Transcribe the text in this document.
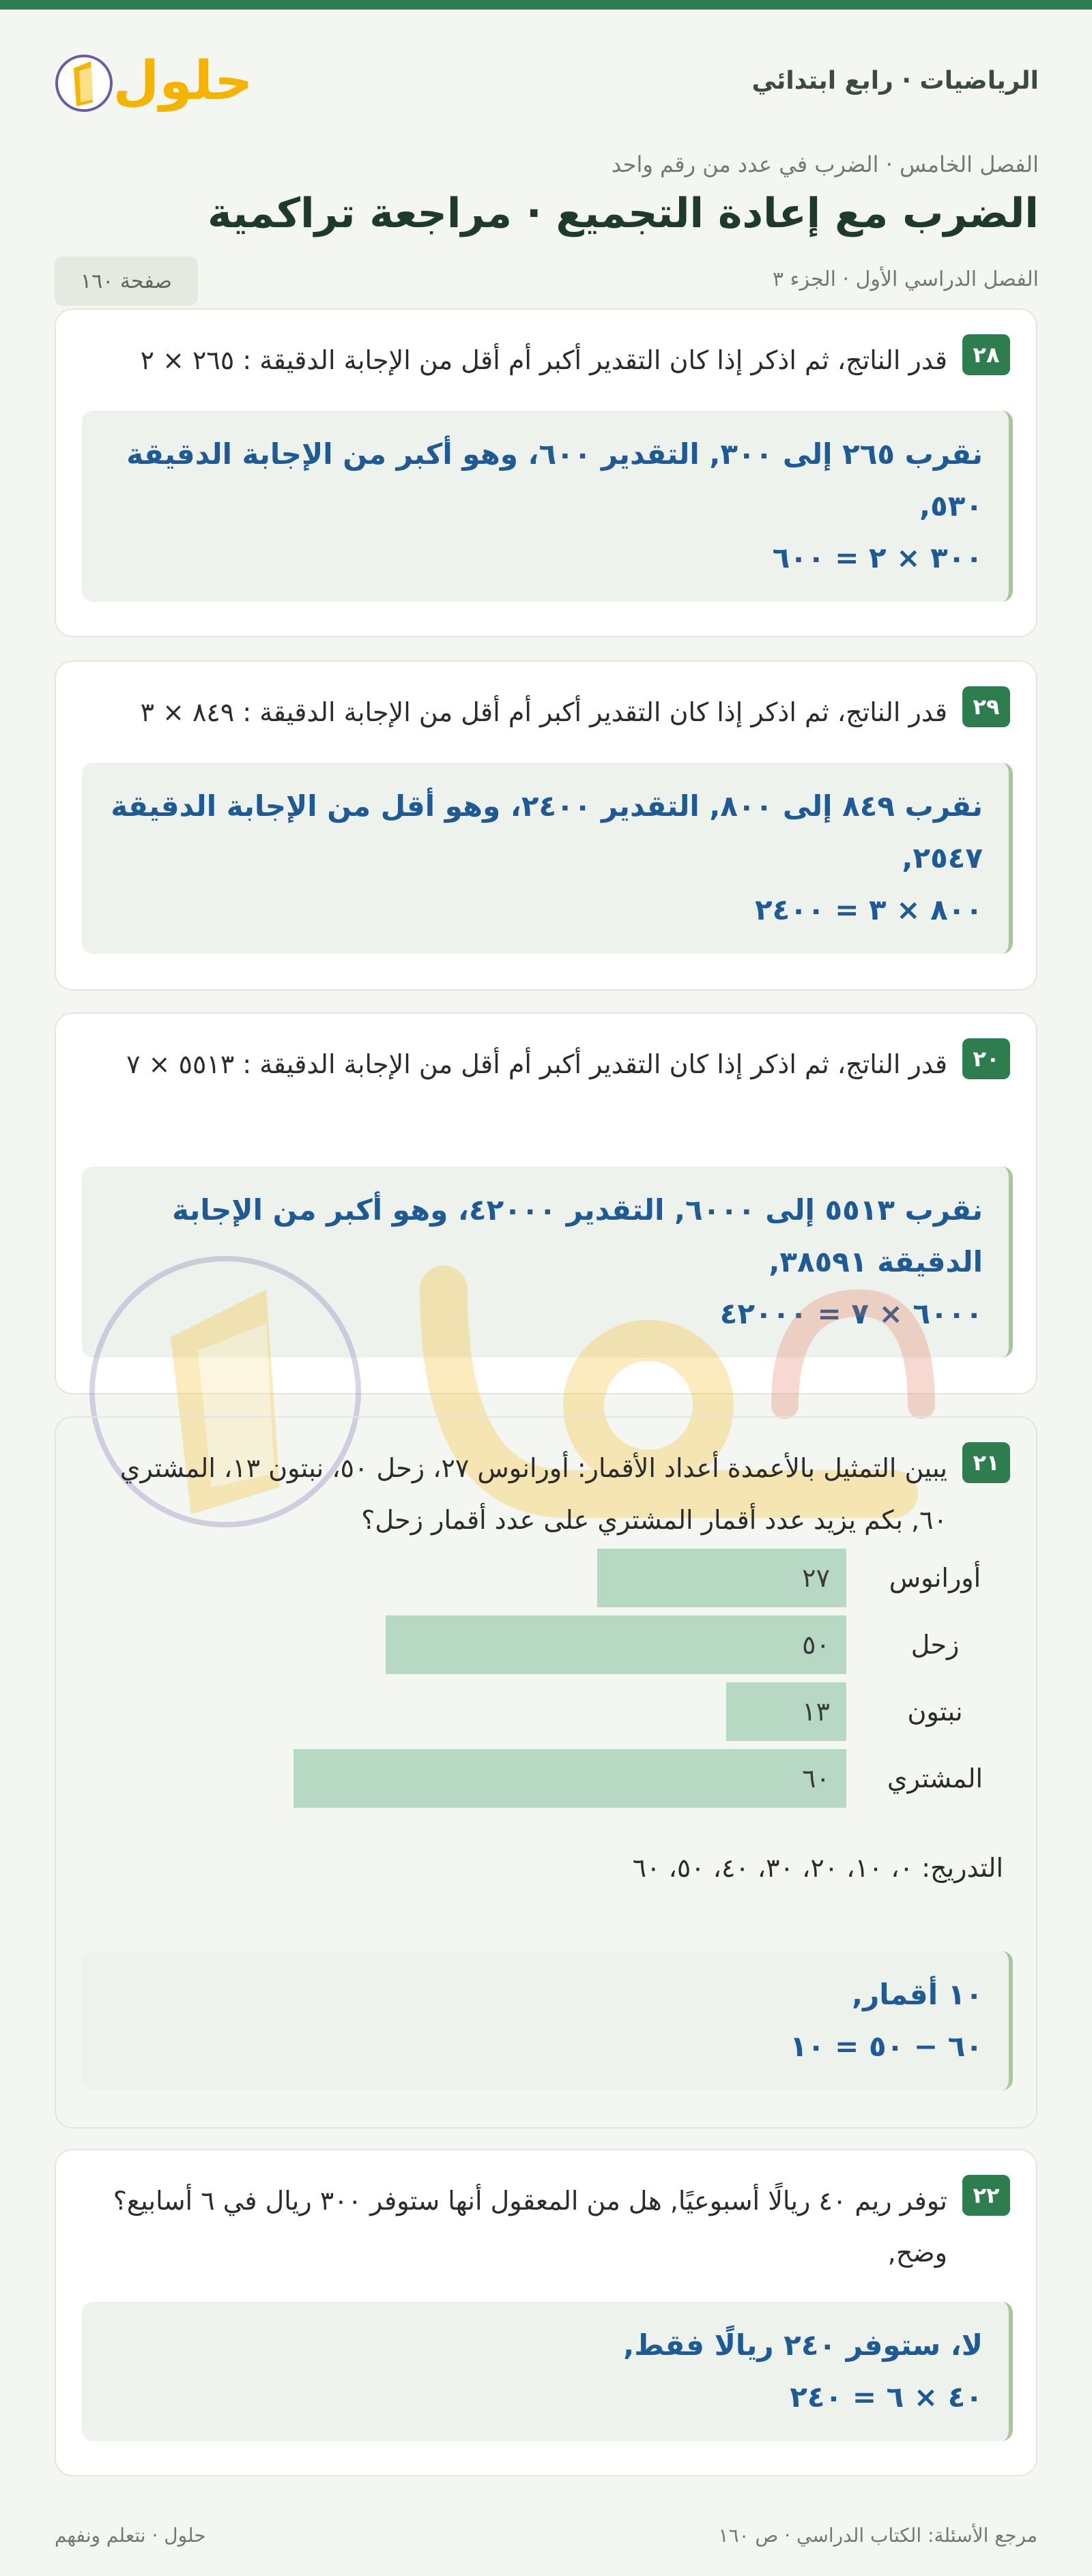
حلول	الرياضيات · رابع ابتدائي
الفصل الخامس · الضرب في عدد من رقم واحد
الضرب مع إعادة التجميع · مراجعة تراكمية
الفصل الدراسي الأول · الجزء ٣
صفحة ١٦٠
٢٨
قدر الناتج، ثم اذكر إذا كان التقدير أكبر أم أقل من الإجابة الدقيقة : ٢٦٥ × ٢
نقرب ٢٦٥ إلى ٣٠٠, التقدير ٦٠٠، وهو أكبر من الإجابة الدقيقة ٥٣٠,
٣٠٠ × ٢ = ٦٠٠
٢٩
قدر الناتج، ثم اذكر إذا كان التقدير أكبر أم أقل من الإجابة الدقيقة : ٨٤٩ × ٣
نقرب ٨٤٩ إلى ٨٠٠, التقدير ٢٤٠٠، وهو أقل من الإجابة الدقيقة ٢٥٤٧,
٨٠٠ × ٣ = ٢٤٠٠
٢٠
قدر الناتج، ثم اذكر إذا كان التقدير أكبر أم أقل من الإجابة الدقيقة : ٥٥١٣ × ٧
نقرب ٥٥١٣ إلى ٦٠٠٠, التقدير ٤٢٠٠٠، وهو أكبر من الإجابة الدقيقة ٣٨٥٩١,
٦٠٠٠ × ٧ = ٤٢٠٠٠
٢١
يبين التمثيل بالأعمدة أعداد الأقمار: أورانوس ٢٧، زحل ٥٠، نبتون ١٣، المشتري ٦٠, بكم يزيد عدد أقمار المشتري على عدد أقمار زحل؟
١٠ أقمار,
٦٠ − ٥٠ = ١٠
أورانوس
٢٧
زحل
٥٠
نبتون
١٣
المشتري
٦٠
التدريج: ٠، ١٠، ٢٠، ٣٠، ٤٠، ٥٠، ٦٠
٢٢
توفر ريم ٤٠ ريالًا أسبوعيًا, هل من المعقول أنها ستوفر ٣٠٠ ريال في ٦ أسابيع؟ وضح,
لا، ستوفر ٢٤٠ ريالًا فقط,
٤٠ × ٦ = ٢٤٠
حلول · نتعلم ونفهم	مرجع الأسئلة: الكتاب الدراسي · ص ١٦٠
